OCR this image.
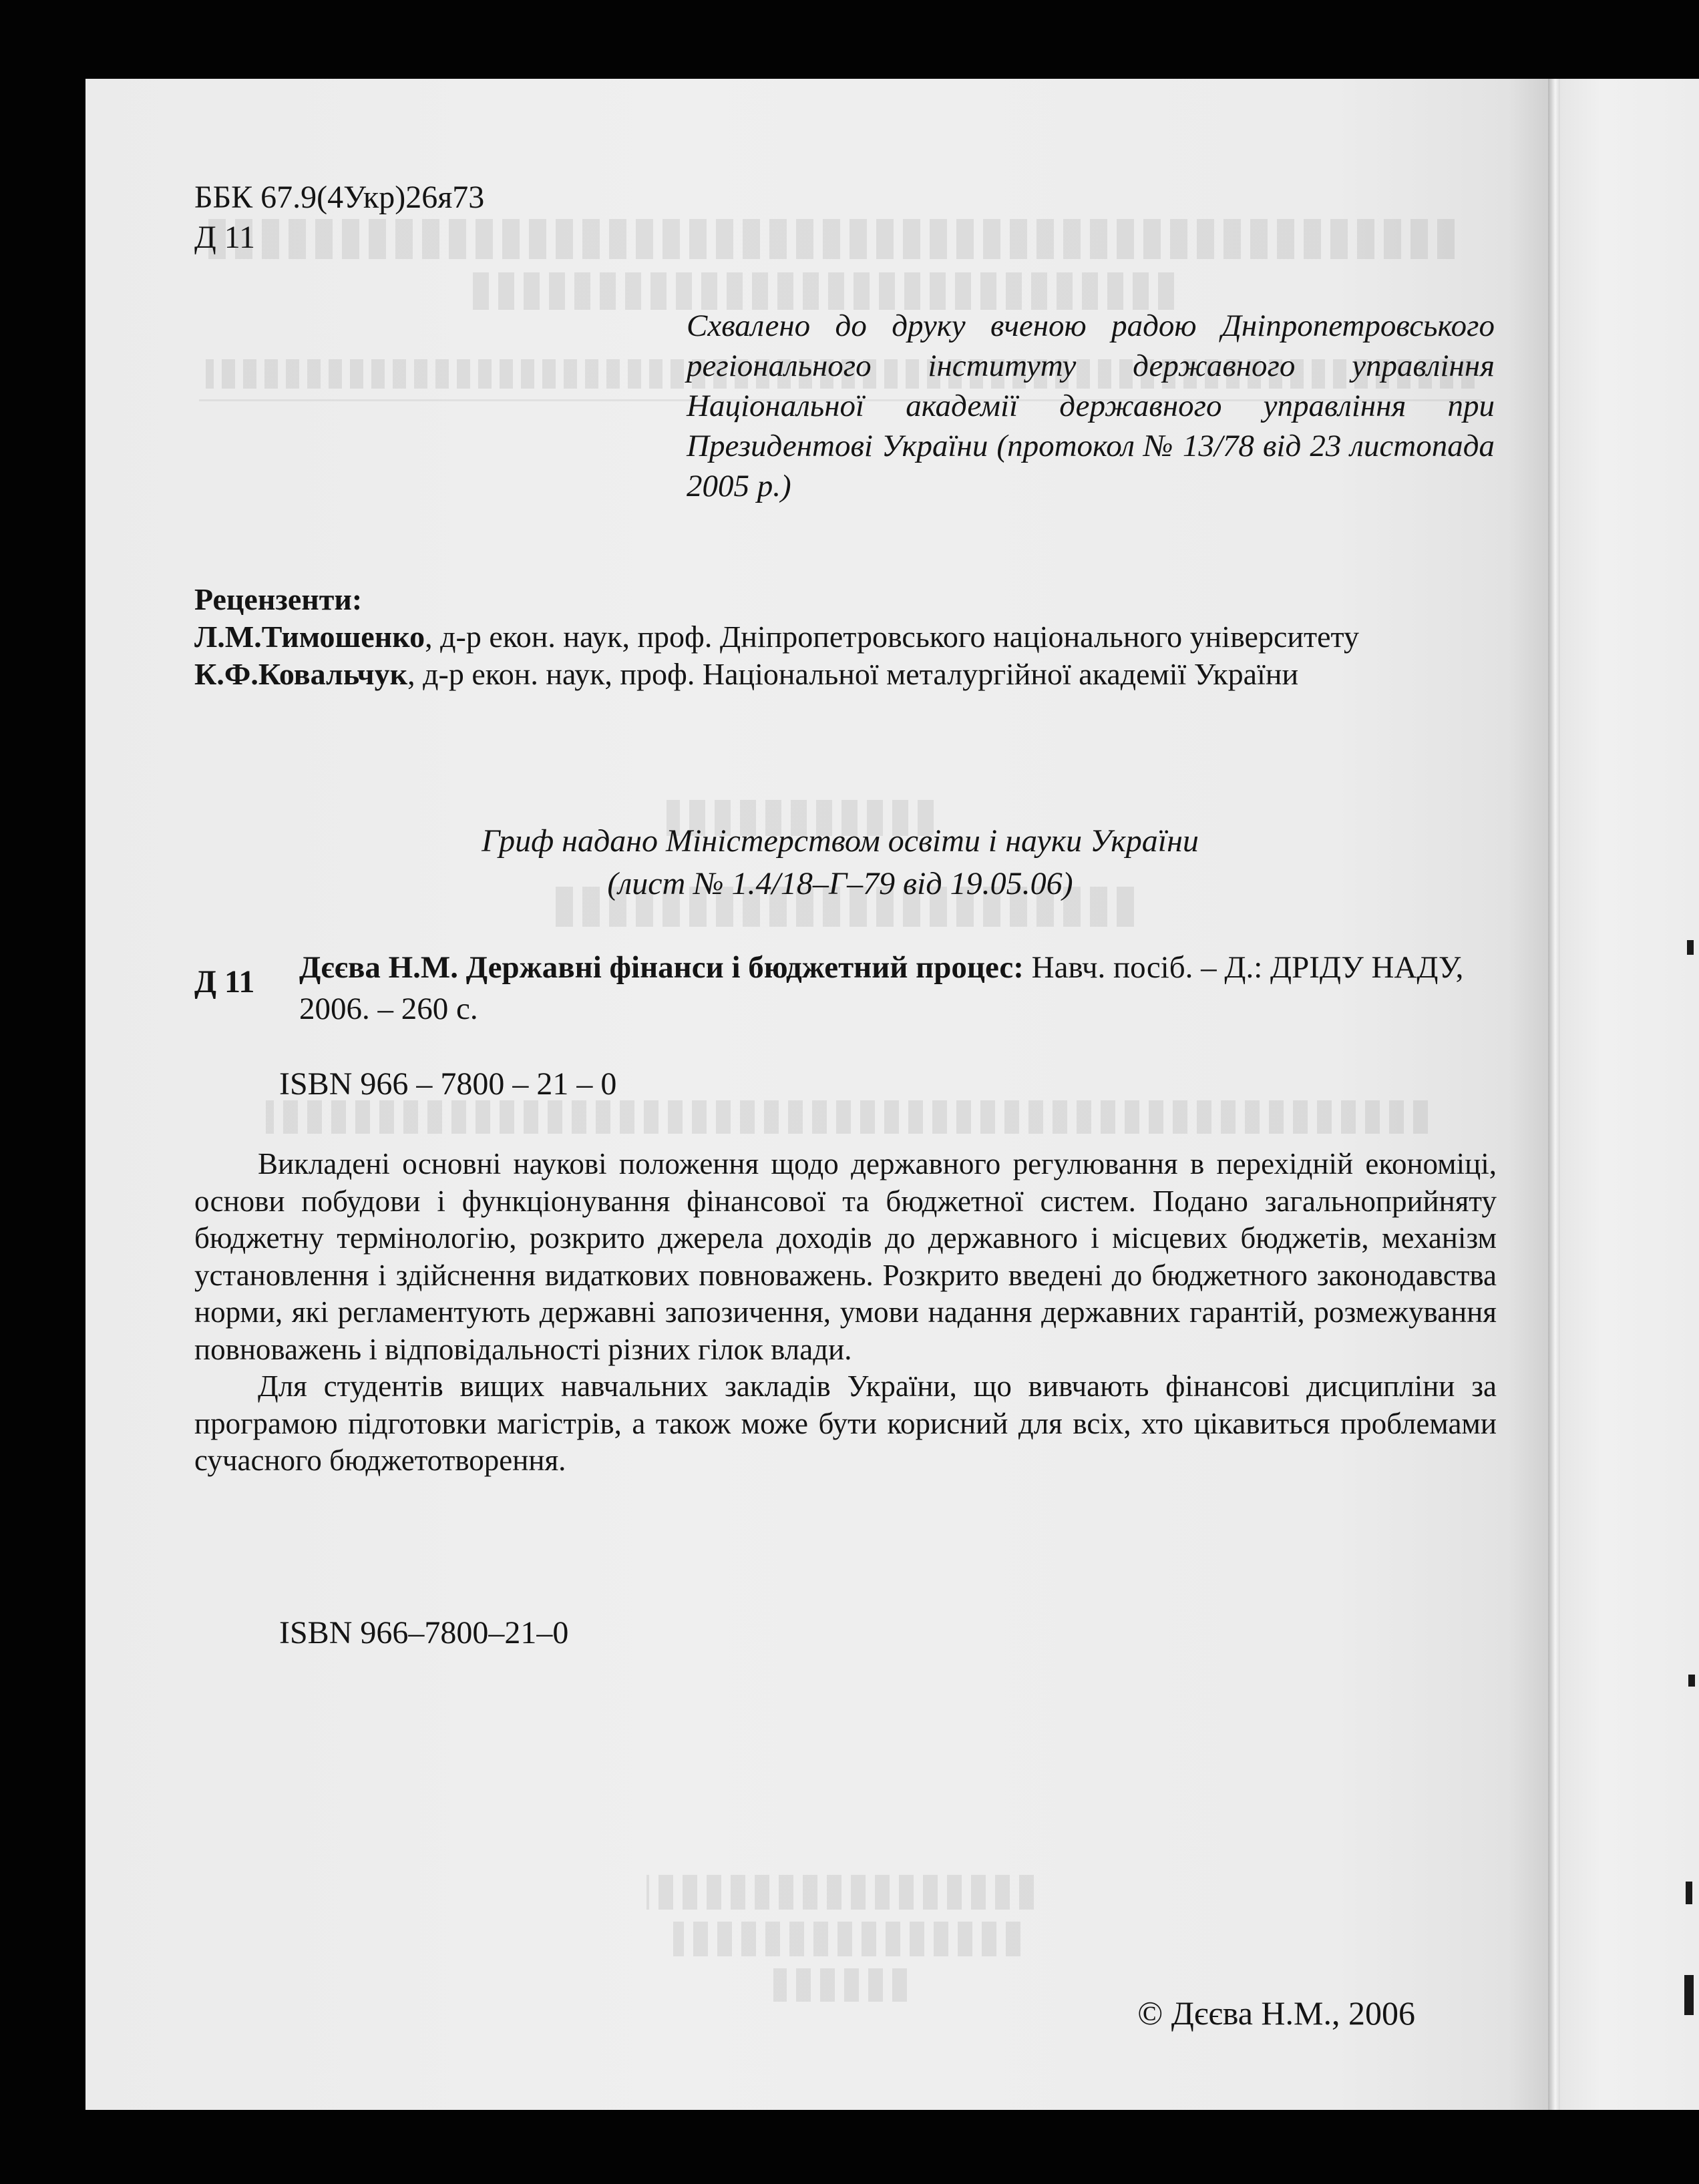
ББК 67.9(4Укр)26я73
Д 11
Схвалено до друку вченою радою Дніпропетровського регіонального інституту державного управління Національної академії державного управління при Президентові України (протокол № 13/78 від 23 листопада 2005 р.)
Рецензенти:
Л.М.Тимошенко, д-р екон. наук, проф. Дніпропетровського національного університету
К.Ф.Ковальчук, д-р екон. наук, проф. Національної металургійної академії України
Гриф надано Міністерством освіти і науки України
(лист № 1.4/18–Г–79 від 19.05.06)
Д 11 Дєєва Н.М. Державні фінанси і бюджетний процес: Навч. посіб. – Д.: ДРІДУ НАДУ, 2006. – 260 с.
ISBN 966 – 7800 – 21 – 0

Викладені основні наукові положення щодо державного регулювання в перехідній економіці, основи побудови і функціонування фінансової та бюджетної систем. Подано загальноприйняту бюджетну термінологію, розкрито джерела доходів до державного і місцевих бюджетів, механізм установлення і здійснення видаткових повноважень. Розкрито введені до бюджетного законодавства норми, які регламентують державні запозичення, умови надання державних гарантій, розмежування повноважень і відповідальності різних гілок влади.

Для студентів вищих навчальних закладів України, що вивчають фінансові дисципліни за програмою підготовки магістрів, а також може бути корисний для всіх, хто цікавиться проблемами сучасного бюджетотворення.

ISBN 966–7800–21–0
© Дєєва Н.М., 2006
